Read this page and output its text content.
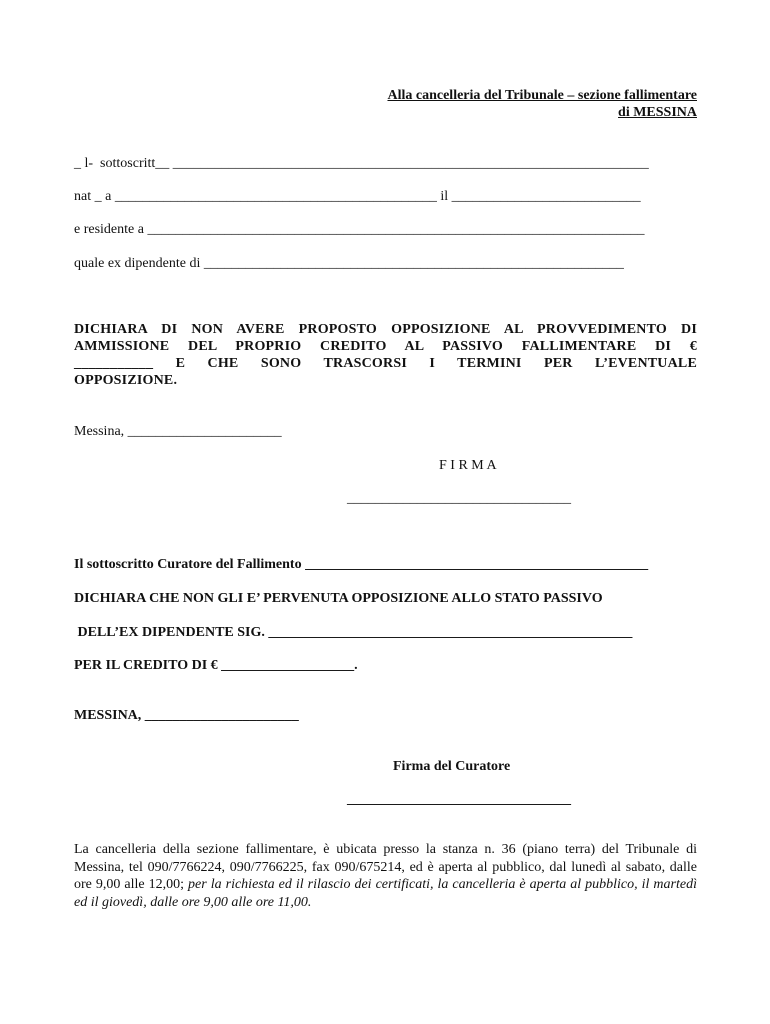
Alla cancelleria del Tribunale – sezione fallimentare
di MESSINA
_ l-  sottoscritt__ ____________________________________________________________________
nat _ a ______________________________________________ il ___________________________
e residente a _______________________________________________________________________
quale ex dipendente di ____________________________________________________________
DICHIARA DI NON AVERE PROPOSTO OPPOSIZIONE AL PROVVEDIMENTO DI
AMMISSIONE DEL PROPRIO CREDITO AL PASSIVO FALLIMENTARE DI €
___________ E CHE SONO TRASCORSI I TERMINI PER L’EVENTUALE
OPPOSIZIONE.
Messina, ______________________
F I R M A
________________________________
Il sottoscritto Curatore del Fallimento _________________________________________________
DICHIARA CHE NON GLI E’ PERVENUTA OPPOSIZIONE ALLO STATO PASSIVO
DELL’EX DIPENDENTE SIG. ____________________________________________________
PER IL CREDITO DI € ___________________.
MESSINA, ______________________
Firma del Curatore
________________________________
La cancelleria della sezione fallimentare, è ubicata presso la stanza n. 36 (piano terra) del Tribunale di Messina, tel 090/7766224, 090/7766225, fax 090/675214, ed è aperta al pubblico, dal lunedì al sabato, dalle ore 9,00 alle 12,00; per la richiesta ed il rilascio dei certificati, la cancelleria è aperta al pubblico, il martedì ed il giovedì, dalle ore 9,00 alle ore 11,00.
